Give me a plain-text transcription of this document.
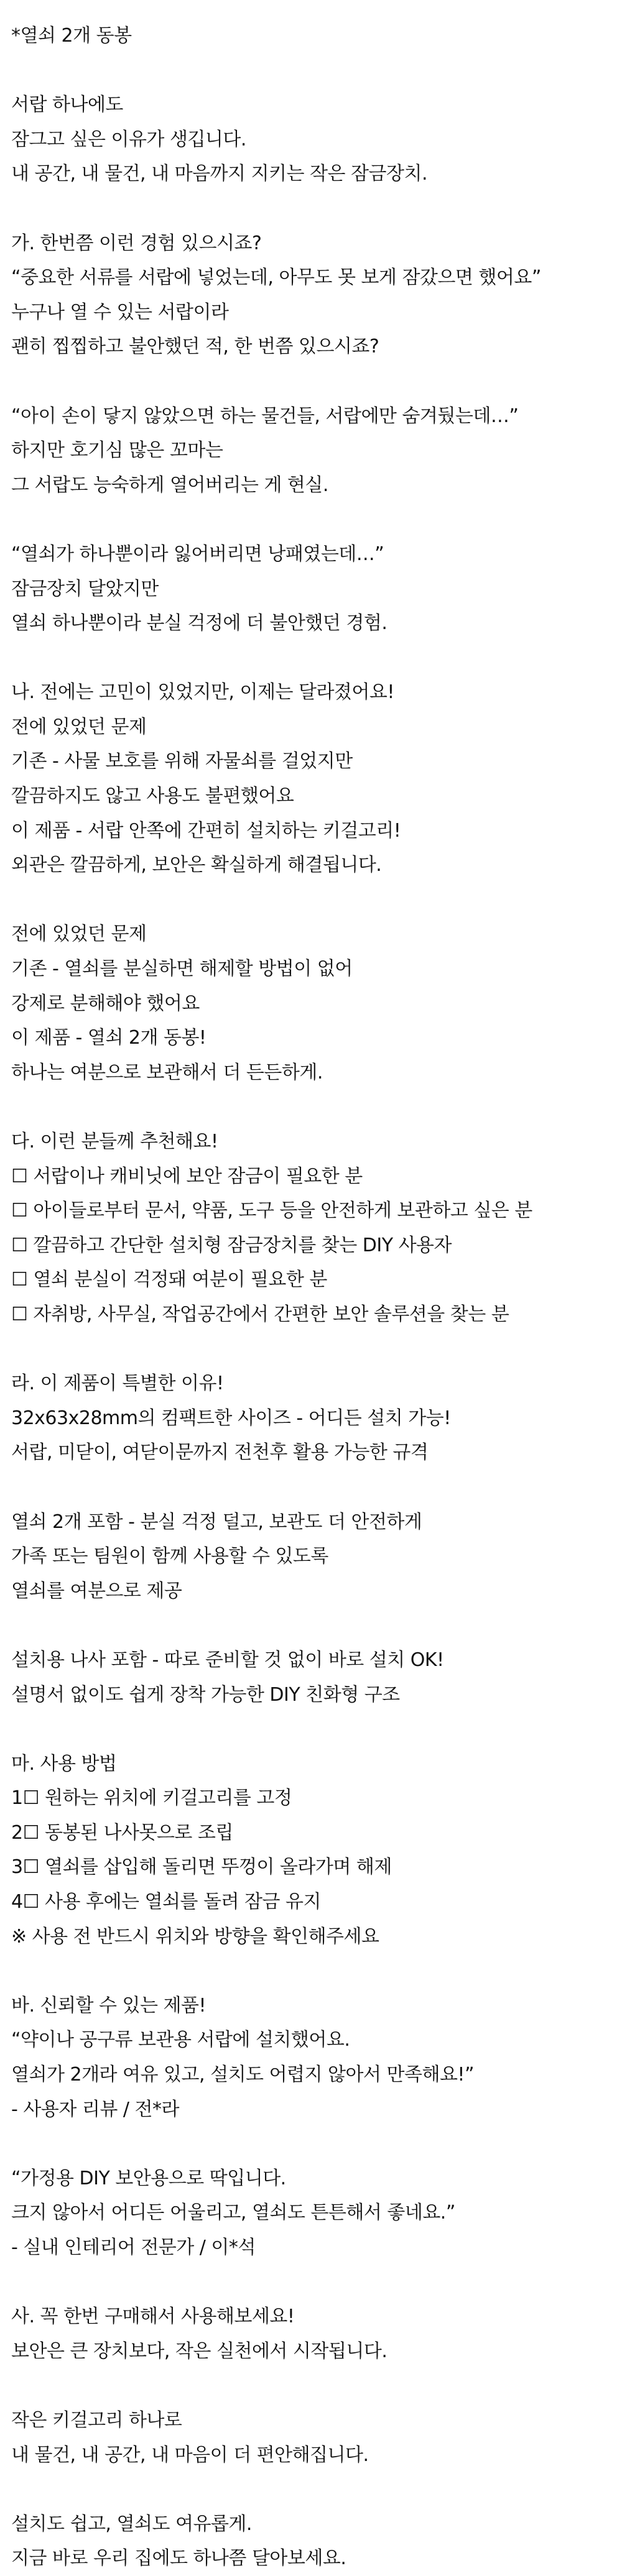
*열쇠 2개 동봉
서랍 하나에도
잠그고 싶은 이유가 생깁니다.
내 공간, 내 물건, 내 마음까지 지키는 작은 잠금장치.
가. 한번쯤 이런 경험 있으시죠?
“중요한 서류를 서랍에 넣었는데, 아무도 못 보게 잠갔으면 했어요”
누구나 열 수 있는 서랍이라
괜히 찝찝하고 불안했던 적, 한 번쯤 있으시죠?
“아이 손이 닿지 않았으면 하는 물건들, 서랍에만 숨겨뒀는데…”
하지만 호기심 많은 꼬마는
그 서랍도 능숙하게 열어버리는 게 현실.
“열쇠가 하나뿐이라 잃어버리면 낭패였는데…”
잠금장치 달았지만
열쇠 하나뿐이라 분실 걱정에 더 불안했던 경험.
나. 전에는 고민이 있었지만, 이제는 달라졌어요!
전에 있었던 문제
기존 - 사물 보호를 위해 자물쇠를 걸었지만
깔끔하지도 않고 사용도 불편했어요
이 제품 - 서랍 안쪽에 간편히 설치하는 키걸고리!
외관은 깔끔하게, 보안은 확실하게 해결됩니다.
전에 있었던 문제
기존 - 열쇠를 분실하면 해제할 방법이 없어
강제로 분해해야 했어요
이 제품 - 열쇠 2개 동봉!
하나는 여분으로 보관해서 더 든든하게.
다. 이런 분들께 추천해요!
☐ 서랍이나 캐비닛에 보안 잠금이 필요한 분
☐ 아이들로부터 문서, 약품, 도구 등을 안전하게 보관하고 싶은 분
☐ 깔끔하고 간단한 설치형 잠금장치를 찾는 DIY 사용자
☐ 열쇠 분실이 걱정돼 여분이 필요한 분
☐ 자취방, 사무실, 작업공간에서 간편한 보안 솔루션을 찾는 분
라. 이 제품이 특별한 이유!
32x63x28mm의 컴팩트한 사이즈 - 어디든 설치 가능!
서랍, 미닫이, 여닫이문까지 전천후 활용 가능한 규격
열쇠 2개 포함 - 분실 걱정 덜고, 보관도 더 안전하게
가족 또는 팀원이 함께 사용할 수 있도록
열쇠를 여분으로 제공
설치용 나사 포함 - 따로 준비할 것 없이 바로 설치 OK!
설명서 없이도 쉽게 장착 가능한 DIY 친화형 구조
마. 사용 방법
1☐ 원하는 위치에 키걸고리를 고정
2☐ 동봉된 나사못으로 조립
3☐ 열쇠를 삽입해 돌리면 뚜껑이 올라가며 해제
4☐ 사용 후에는 열쇠를 돌려 잠금 유지
※ 사용 전 반드시 위치와 방향을 확인해주세요
바. 신뢰할 수 있는 제품!
“약이나 공구류 보관용 서랍에 설치했어요.
열쇠가 2개라 여유 있고, 설치도 어렵지 않아서 만족해요!”
- 사용자 리뷰 / 전*라
“가정용 DIY 보안용으로 딱입니다.
크지 않아서 어디든 어울리고, 열쇠도 튼튼해서 좋네요.”
- 실내 인테리어 전문가 / 이*석
사. 꼭 한번 구매해서 사용해보세요!
보안은 큰 장치보다, 작은 실천에서 시작됩니다.
작은 키걸고리 하나로
내 물건, 내 공간, 내 마음이 더 편안해집니다.
설치도 쉽고, 열쇠도 여유롭게.
지금 바로 우리 집에도 하나쯤 달아보세요.
